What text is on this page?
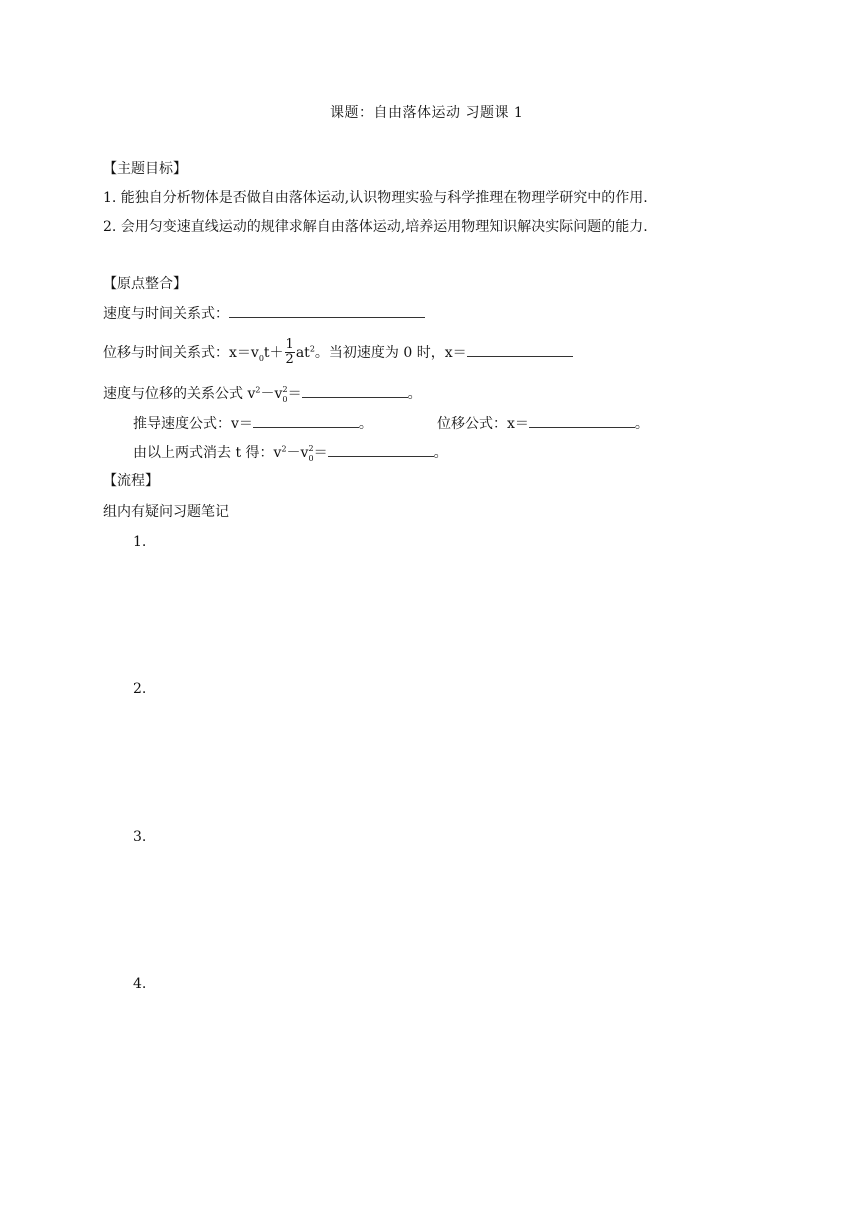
课题：自由落体运动 习题课 1
【主题目标】
1. 能独自分析物体是否做自由落体运动,认识物理实验与科学推理在物理学研究中的作用.
2. 会用匀变速直线运动的规律求解自由落体运动,培养运用物理知识解决实际问题的能力.
【原点整合】
速度与时间关系式：
位移与时间关系式：$x=v_0t+ \frac{1}{2} at^2$。当初速度为 0 时，x＝
速度与位移的关系公式 $v^2-v_0^2=$	。
推导速度公式：v＝	。	位移公式：x＝	。
由以上两式消去 t 得：$v^2-v_0^2=$	。
【流程】
组内有疑问习题笔记
1.
2.
3.
4.
